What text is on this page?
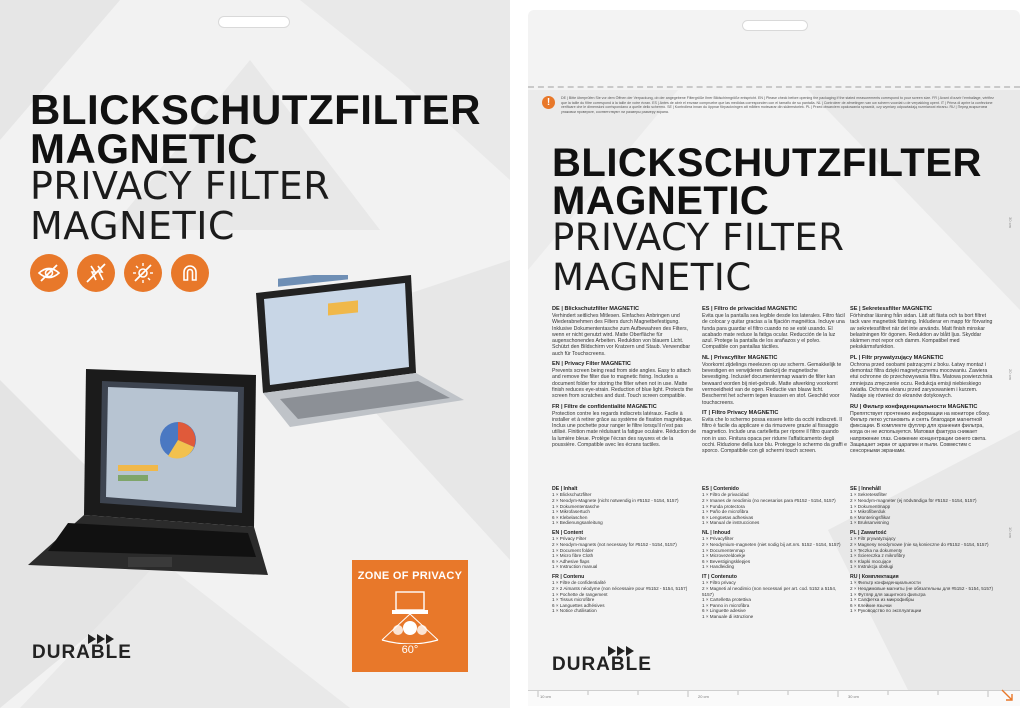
BLICKSCHUTZFILTER
MAGNETIC
PRIVACY FILTER
MAGNETIC
ZONE OF PRIVACY
60°
DURABLE
!	DE | Bitte überprüfen Sie vor dem Öffnen der Verpackung, ob der angegebene Filtergröße Ihrer Bildschirmgröße entspricht. EN | Please check before opening the packaging if the stated measurements correspond to your screen size. FR | Avant d'ouvrir l'emballage, vérifiez que la taille du filtre correspond à la taille de votre écran. ES | Antes de abrir el envase compruebe que las medidas corresponden con el tamaño de su pantalla. NL | Controleer de afmetingen van uw scherm voordat u de verpakking opent. IT | Prima di aprire la confezione verificare che le dimensioni corrispondano a quelle dello schermo. SE | Kontrollera innan du öppnar förpackningen att måtten motsvarar din skärmstorlek. PL | Przed otwarciem opakowania sprawdź, czy wymiary odpowiadają rozmiarowi ekranu. RU | Перед вскрытием упаковки проверьте, соответствуют ли размеры размеру экрана.
BLICKSCHUTZFILTER
MAGNETIC
PRIVACY FILTER
MAGNETIC
DE | Blickschutzfilter MAGNETIC
Verhindert seitliches Mitlesen. Einfaches Anbringen und Wiederabnehmen des Filters durch Magnetbefestigung. Inklusive Dokumententasche zum Aufbewahren des Filters, wenn er nicht genutzt wird. Matte Oberfläche für augenschonendes Arbeiten. Reduktion von blauem Licht. Schützt den Bildschirm vor Kratzern und Staub. Verwendbar auch für Touchscreens.
EN | Privacy Filter MAGNETIC
Prevents screen being read from side angles. Easy to attach and remove the filter due to magnetic fixing. Includes a document folder for storing the filter when not in use. Matte finish reduces eye-strain. Reduction of blue light. Protects the screen from scratches and dust. Touch screen compatible.
FR | Filtre de confidentialité MAGNETIC
Protection contre les regards indiscrets latéraux. Facile à installer et à retirer grâce au système de fixation magnétique. Inclus une pochette pour ranger le filtre lorsqu'il n'est pas utilisé. Finition mate réduisant la fatigue oculaire. Réduction de la lumière bleue. Protège l'écran des rayures et de la poussière. Compatible avec les écrans tactiles.
ES | Filtro de privacidad MAGNETIC
Evita que la pantalla sea legible desde los laterales. Filtro fácil de colocar y quitar gracias a la fijación magnética. Incluye una funda para guardar el filtro cuando no se esté usando. El acabado mate reduce la fatiga ocular. Reducción de la luz azul. Protege la pantalla de los arañazos y el polvo. Compatible con pantallas táctiles.
NL | Privacyfilter MAGNETIC
Voorkomt zijdelings meelezen op uw scherm. Gemakkelijk te bevestigen en verwijderen dankzij de magnetische bevestiging. Inclusief documentenmap waarin de filter kan bewaard worden bij niet-gebruik. Matte afwerking voorkomt vermoeidheid van de ogen. Reductie van blauw licht. Beschermt het scherm tegen krassen en stof. Geschikt voor touchscreens.
IT | Filtro Privacy MAGNETIC
Evita che lo schermo possa essere letto da occhi indiscreti. Il filtro è facile da applicare e da rimuovere grazie al fissaggio magnetico. Include una cartelletta per riporre il filtro quando non in uso. Finitura opaca per ridurre l'affaticamento degli occhi. Riduzione della luce blu. Protegge lo schermo da graffi e sporco. Compatibile con gli schermi touch screen.
SE | Sekretessfilter MAGNETIC
Förhindrar läsning från sidan. Lätt att fästa och ta bort filtret tack vare magnetisk fästning. Inkluderar en mapp för förvaring av sekretessfiltret när det inte används. Matt finish minskar belastningen för ögonen. Reduktion av blått ljus. Skyddar skärmen mot repor och damm. Kompatibel med pekskärmsfunktion.
PL | Filtr prywatyzujący MAGNETIC
Ochrona przed osobami patrzącymi z boku. Łatwy montaż i demontaż filtra dzięki magnetycznemu mocowaniu. Zawiera etui ochronne do przechowywania filtra. Matowa powierzchnia zmniejsza zmęczenie oczu. Redukcja emisji niebieskiego światła. Ochrona ekranu przed zarysowaniem i kurzem. Nadaje się również do ekranów dotykowych.
RU | Фильтр конфиденциальности MAGNETIC
Препятствует прочтению информации на мониторе сбоку. Фильтр легко установить и снять благодаря магнитной фиксации. В комплекте футляр для хранения фильтра, когда он не используется. Матовая фактура снижает напряжение глаз. Снижение концентрации синего света. Защищает экран от царапин и пыли. Совместим с сенсорными экранами.
DE | Inhalt
1 × Blickschutzfilter
2 × Neodym-Magnete (nicht notwendig in #5152 - 5154, 5157)
1 × Dokumententasche
1 × Mikrofasertuch
6 × Klebelaschen
1 × Bedienungsanleitung
EN | Content
1 × Privacy Filter
2 × Neodym-magnets (not necessary for #5152 - 5154, 5157)
1 × Document folder
1 × Micro fibre Cloth
6 × Adhesive flaps
1 × Instruction manual
FR | Contenu
1 × Filtre de confidentialité
2 × 2 Aimants néodyme (non nécessaire pour #5152 - 5154, 5157)
1 × Pochette de rangement
1 × Tissus microfibre
6 × Languettes adhésives
1 × Notice d'utilisation
ES | Contenido
1 × Filtro de privacidad
2 × Imanes de neodimio (no necesarios para #5152 - 5154, 5157)
1 × Funda protectora
1 × Paño de microfibra
6 × Lengüetas adhesivas
1 × Manual de instrucciones
NL | Inhoud
1 × Privacyfilter
2 × Neodymium-magneten (niet nodig bij art.nrs. 5152 - 5154, 5157)
1 × Documentenmap
1 × Microvezeldoekje
6 × Bevestigingsklepjes
1 × Handleiding
IT | Contenuto
1 × Filtro privacy
2 × Magneti al neodimio (non necessari per art. cod. 5152 a 5154, 5157)
1 × Cartelletta protettiva
1 × Panno in microfibra
6 × Linguette adesive
1 × Manuale di istruzione
SE | Innehåll
1 × Sekretessfilter
2 × Neodym-magneter (ej nödvändiga för #5152 - 5154, 5157)
1 × Dokumentmapp
1 × Mikrofiberduk
6 × Monteringsflikar
1 × Bruksanvisning
PL | Zawartość
1 × Filtr prywatyzujący
2 × Magnesy neodymowe (nie są konieczne do #5152 - 5154, 5157)
1 × Teczka na dokumenty
1 × Ściereczka z mikrofibry
6 × Klapki mocujące
1 × Instrukcja obsługi
RU | Комплектация
1 × Фильтр конфиденциальности
2 × Неодимовые магниты (не обязательны для #5152 - 5154, 5157)
1 × Футляр для защитного фильтра
1 × Салфетка из микрофибры
6 × Клейкие язычки
1 × Руководство по эксплуатации
DURABLE
30 cm
20 cm
10 cm
10 cm	20 cm	30 cm
